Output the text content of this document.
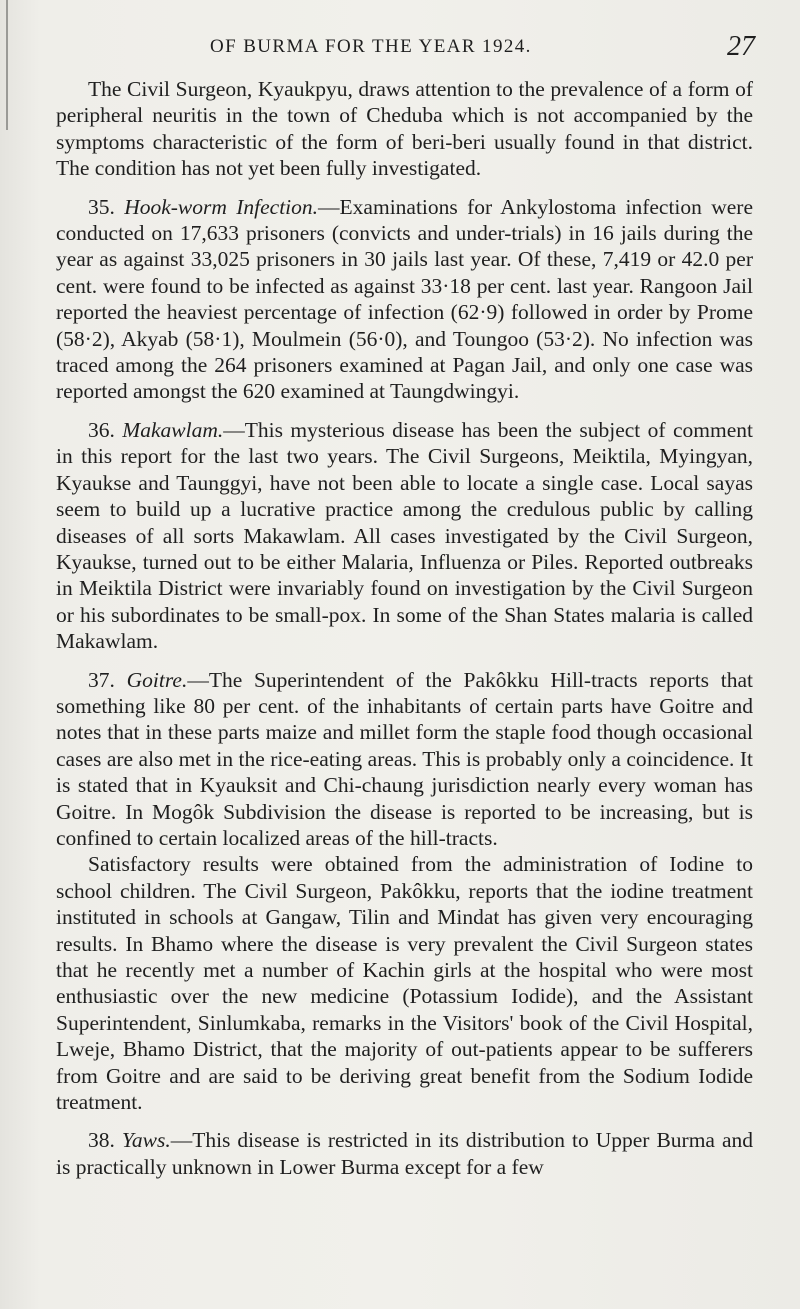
OF BURMA FOR THE YEAR 1924.	27

The Civil Surgeon, Kyaukpyu, draws attention to the prevalence of a form of peripheral neuritis in the town of Cheduba which is not accompanied by the symptoms characteristic of the form of beri-beri usually found in that district. The condition has not yet been fully investigated.

35. Hook-worm Infection.—Examinations for Ankylostoma infection were conducted on 17,633 prisoners (convicts and under-trials) in 16 jails during the year as against 33,025 prisoners in 30 jails last year. Of these, 7,419 or 42.0 per cent. were found to be infected as against 33·18 per cent. last year. Rangoon Jail reported the heaviest percentage of infection (62·9) followed in order by Prome (58·2), Akyab (58·1), Moulmein (56·0), and Toungoo (53·2). No infection was traced among the 264 prisoners examined at Pagan Jail, and only one case was reported amongst the 620 examined at Taungdwingyi.

36. Makawlam.—This mysterious disease has been the subject of comment in this report for the last two years. The Civil Surgeons, Meiktila, Myingyan, Kyaukse and Taunggyi, have not been able to locate a single case. Local sayas seem to build up a lucrative practice among the credulous public by calling diseases of all sorts Makawlam. All cases investigated by the Civil Surgeon, Kyaukse, turned out to be either Malaria, Influenza or Piles. Reported outbreaks in Meiktila District were invariably found on investigation by the Civil Surgeon or his subordinates to be small-pox. In some of the Shan States malaria is called Makawlam.

37. Goitre.—The Superintendent of the Pakôkku Hill-tracts reports that something like 80 per cent. of the inhabitants of certain parts have Goitre and notes that in these parts maize and millet form the staple food though occasional cases are also met in the rice-eating areas. This is probably only a coincidence. It is stated that in Kyauksit and Chi-chaung jurisdiction nearly every woman has Goitre. In Mogôk Subdivision the disease is reported to be increasing, but is confined to certain localized areas of the hill-tracts.

Satisfactory results were obtained from the administration of Iodine to school children. The Civil Surgeon, Pakôkku, reports that the iodine treatment instituted in schools at Gangaw, Tilin and Mindat has given very encouraging results. In Bhamo where the disease is very prevalent the Civil Surgeon states that he recently met a number of Kachin girls at the hospital who were most enthusiastic over the new medicine (Potassium Iodide), and the Assistant Superintendent, Sinlumkaba, remarks in the Visitors' book of the Civil Hospital, Lweje, Bhamo District, that the majority of out-patients appear to be sufferers from Goitre and are said to be deriving great benefit from the Sodium Iodide treatment.

38. Yaws.—This disease is restricted in its distribution to Upper Burma and is practically unknown in Lower Burma except for a few
